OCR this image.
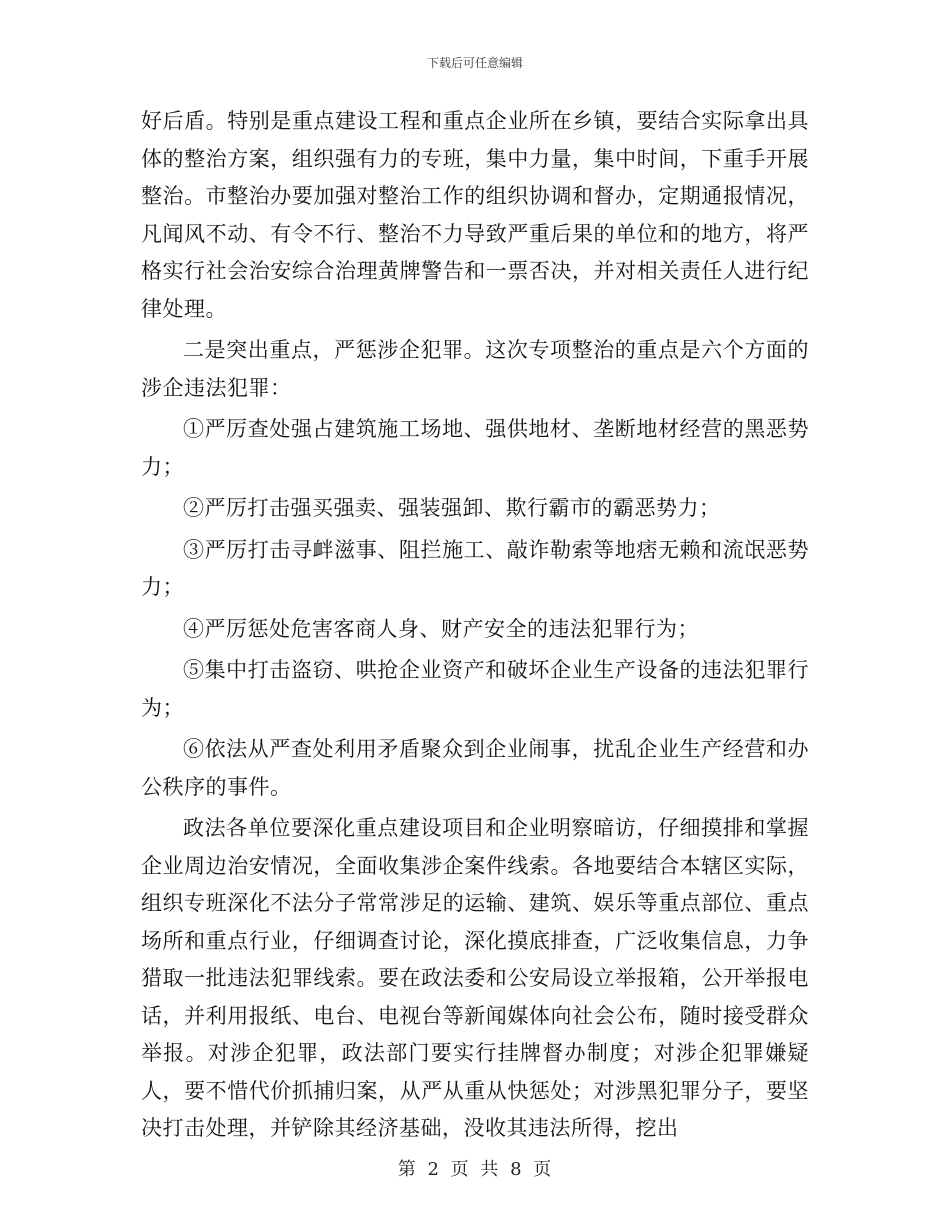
下载后可任意编辑

好后盾。特别是重点建设工程和重点企业所在乡镇，要结合实际拿出具体的整治方案，组织强有力的专班，集中力量，集中时间，下重手开展整治。市整治办要加强对整治工作的组织协调和督办，定期通报情况，凡闻风不动、有令不行、整治不力导致严重后果的单位和的地方，将严格实行社会治安综合治理黄牌警告和一票否决，并对相关责任人进行纪律处理。

二是突出重点，严惩涉企犯罪。这次专项整治的重点是六个方面的涉企违法犯罪：

①严厉查处强占建筑施工场地、强供地材、垄断地材经营的黑恶势力；

②严厉打击强买强卖、强装强卸、欺行霸市的霸恶势力；

③严厉打击寻衅滋事、阻拦施工、敲诈勒索等地痞无赖和流氓恶势力；

④严厉惩处危害客商人身、财产安全的违法犯罪行为；

⑤集中打击盗窃、哄抢企业资产和破坏企业生产设备的违法犯罪行为；

⑥依法从严查处利用矛盾聚众到企业闹事，扰乱企业生产经营和办公秩序的事件。

政法各单位要深化重点建设项目和企业明察暗访，仔细摸排和掌握企业周边治安情况，全面收集涉企案件线索。各地要结合本辖区实际，组织专班深化不法分子常常涉足的运输、建筑、娱乐等重点部位、重点场所和重点行业，仔细调查讨论，深化摸底排查，广泛收集信息，力争猎取一批违法犯罪线索。要在政法委和公安局设立举报箱，公开举报电话，并利用报纸、电台、电视台等新闻媒体向社会公布，随时接受群众举报。对涉企犯罪，政法部门要实行挂牌督办制度；对涉企犯罪嫌疑人，要不惜代价抓捕归案，从严从重从快惩处；对涉黑犯罪分子，要坚决打击处理，并铲除其经济基础，没收其违法所得，挖出

第 2 页 共 8 页
